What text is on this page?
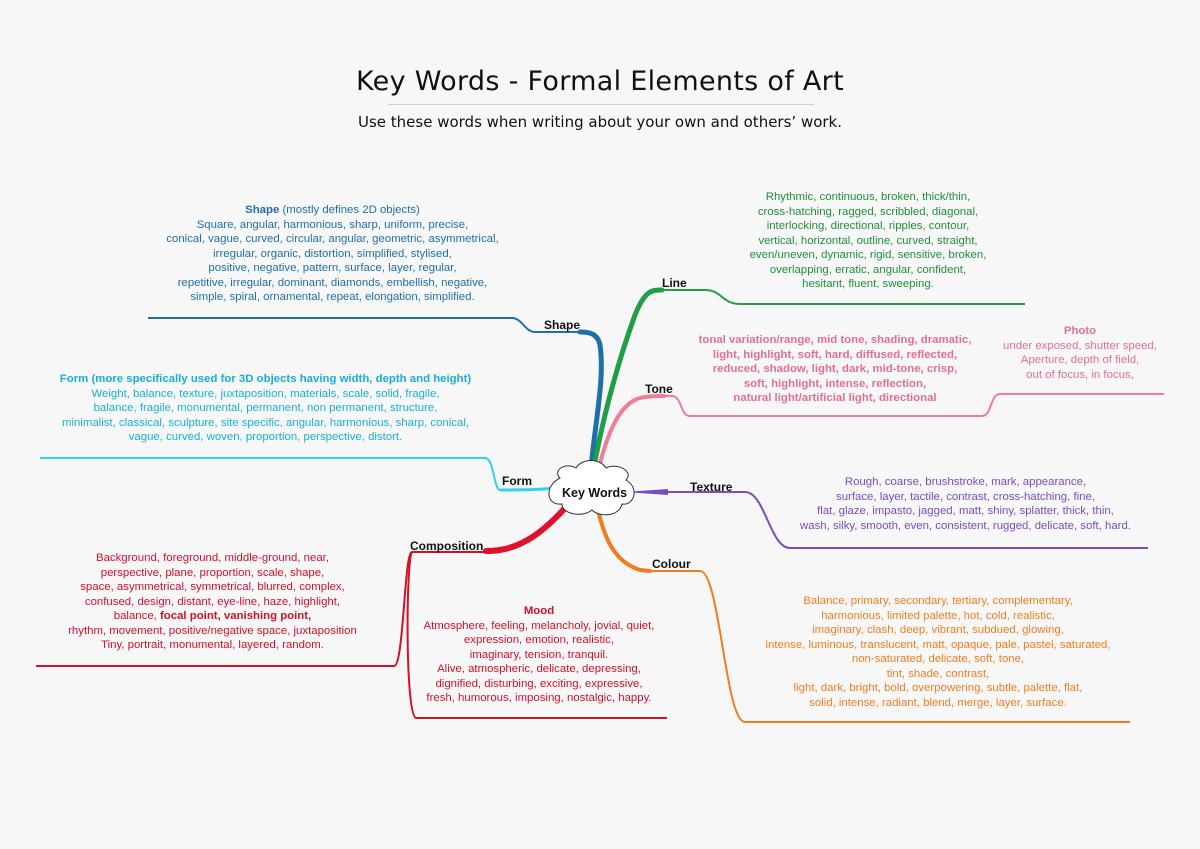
Key Words - Formal Elements of Art
Use these words when writing about your own and others’ work.
Key Words
Shape
Form
Line
Tone
Texture
Colour
Composition
Shape (mostly defines 2D objects)
Square, angular, harmonious, sharp, uniform, precise,
conical, vague, curved, circular, angular, geometric, asymmetrical,
irregular, organic, distortion, simplified, stylised,
positive, negative, pattern, surface, layer, regular,
repetitive, irregular, dominant, diamonds, embellish, negative,
simple, spiral, ornamental, repeat, elongation, simplified.
Form (more specifically used for 3D objects having width, depth and height)
Weight, balance, texture, juxtaposition, materials, scale, solid, fragile,
balance, fragile, monumental, permanent, non permanent, structure,
minimalist, classical, sculpture, site specific, angular, harmonious, sharp, conical,
vague, curved, woven, proportion, perspective, distort.
Rhythmic, continuous, broken, thick/thin,
cross-hatching, ragged, scribbled, diagonal,
interlocking, directional, ripples, contour,
vertical, horizontal, outline, curved, straight,
even/uneven, dynamic, rigid, sensitive, broken,
overlapping, erratic, angular, confident,
hesitant, fluent, sweeping.
tonal variation/range, mid tone, shading, dramatic,
light, highlight, soft, hard, diffused, reflected,
reduced, shadow, light, dark, mid-tone, crisp,
soft, highlight, intense, reflection,
natural light/artificial light, directional
Photo
under exposed, shutter speed,
Aperture, depth of field,
out of focus, in focus,
Rough, coarse, brushstroke, mark, appearance,
surface, layer, tactile, contrast, cross-hatching, fine,
flat, glaze, impasto, jagged, matt, shiny, splatter, thick, thin,
wash, silky, smooth, even, consistent, rugged, delicate, soft, hard.
Balance, primary, secondary, tertiary, complementary,
harmonious, limited palette, hot, cold, realistic,
imaginary, clash, deep, vibrant, subdued, glowing,
intense, luminous, translucent, matt, opaque, pale, pastel, saturated,
non-saturated, delicate, soft, tone,
tint, shade, contrast,
light, dark, bright, bold, overpowering, subtle, palette, flat,
solid, intense, radiant, blend, merge, layer, surface.
Background, foreground, middle-ground, near,
perspective, plane, proportion, scale, shape,
space, asymmetrical, symmetrical, blurred, complex,
confused, design, distant, eye-line, haze, highlight,
balance, focal point, vanishing point,
rhythm, movement, positive/negative space, juxtaposition
Tiny, portrait, monumental, layered, random.
Mood
Atmosphere, feeling, melancholy, jovial, quiet,
expression, emotion, realistic,
imaginary, tension, tranquil.
Alive, atmospheric, delicate, depressing,
dignified, disturbing, exciting, expressive,
fresh, humorous, imposing, nostalgic, happy.
